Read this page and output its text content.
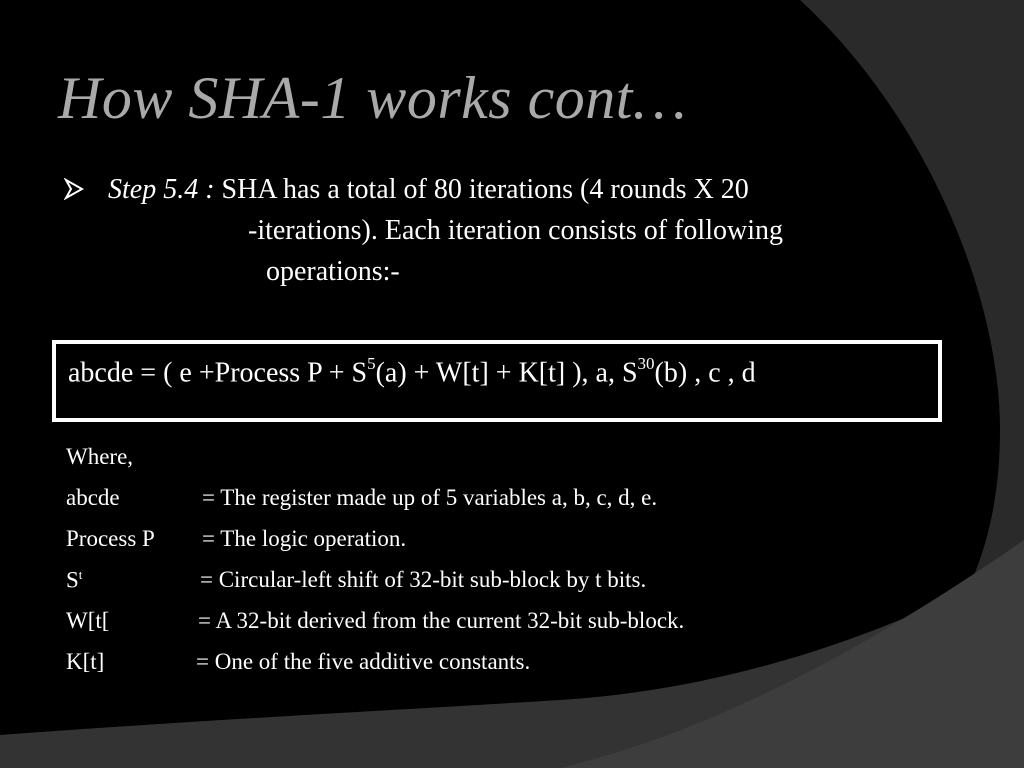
How SHA-1 works cont…
Step 5.4 : SHA has a total of 80 iterations (4 rounds X 20
-iterations). Each iteration consists of following
operations:-
abcde = ( e +Process $P + S^5(a) + W[t] + K[t]$ ), a, $S^{30}(b)$ , c , d
Where,
abcde	= The register made up of 5 variables a, b, c, d, e.
Process P = The logic operation.
$S^t$	= Circular-left shift of 32-bit sub-block by t bits.
W[t[	= A 32-bit derived from the current 32-bit sub-block.
K[t]	= One of the five additive constants.
